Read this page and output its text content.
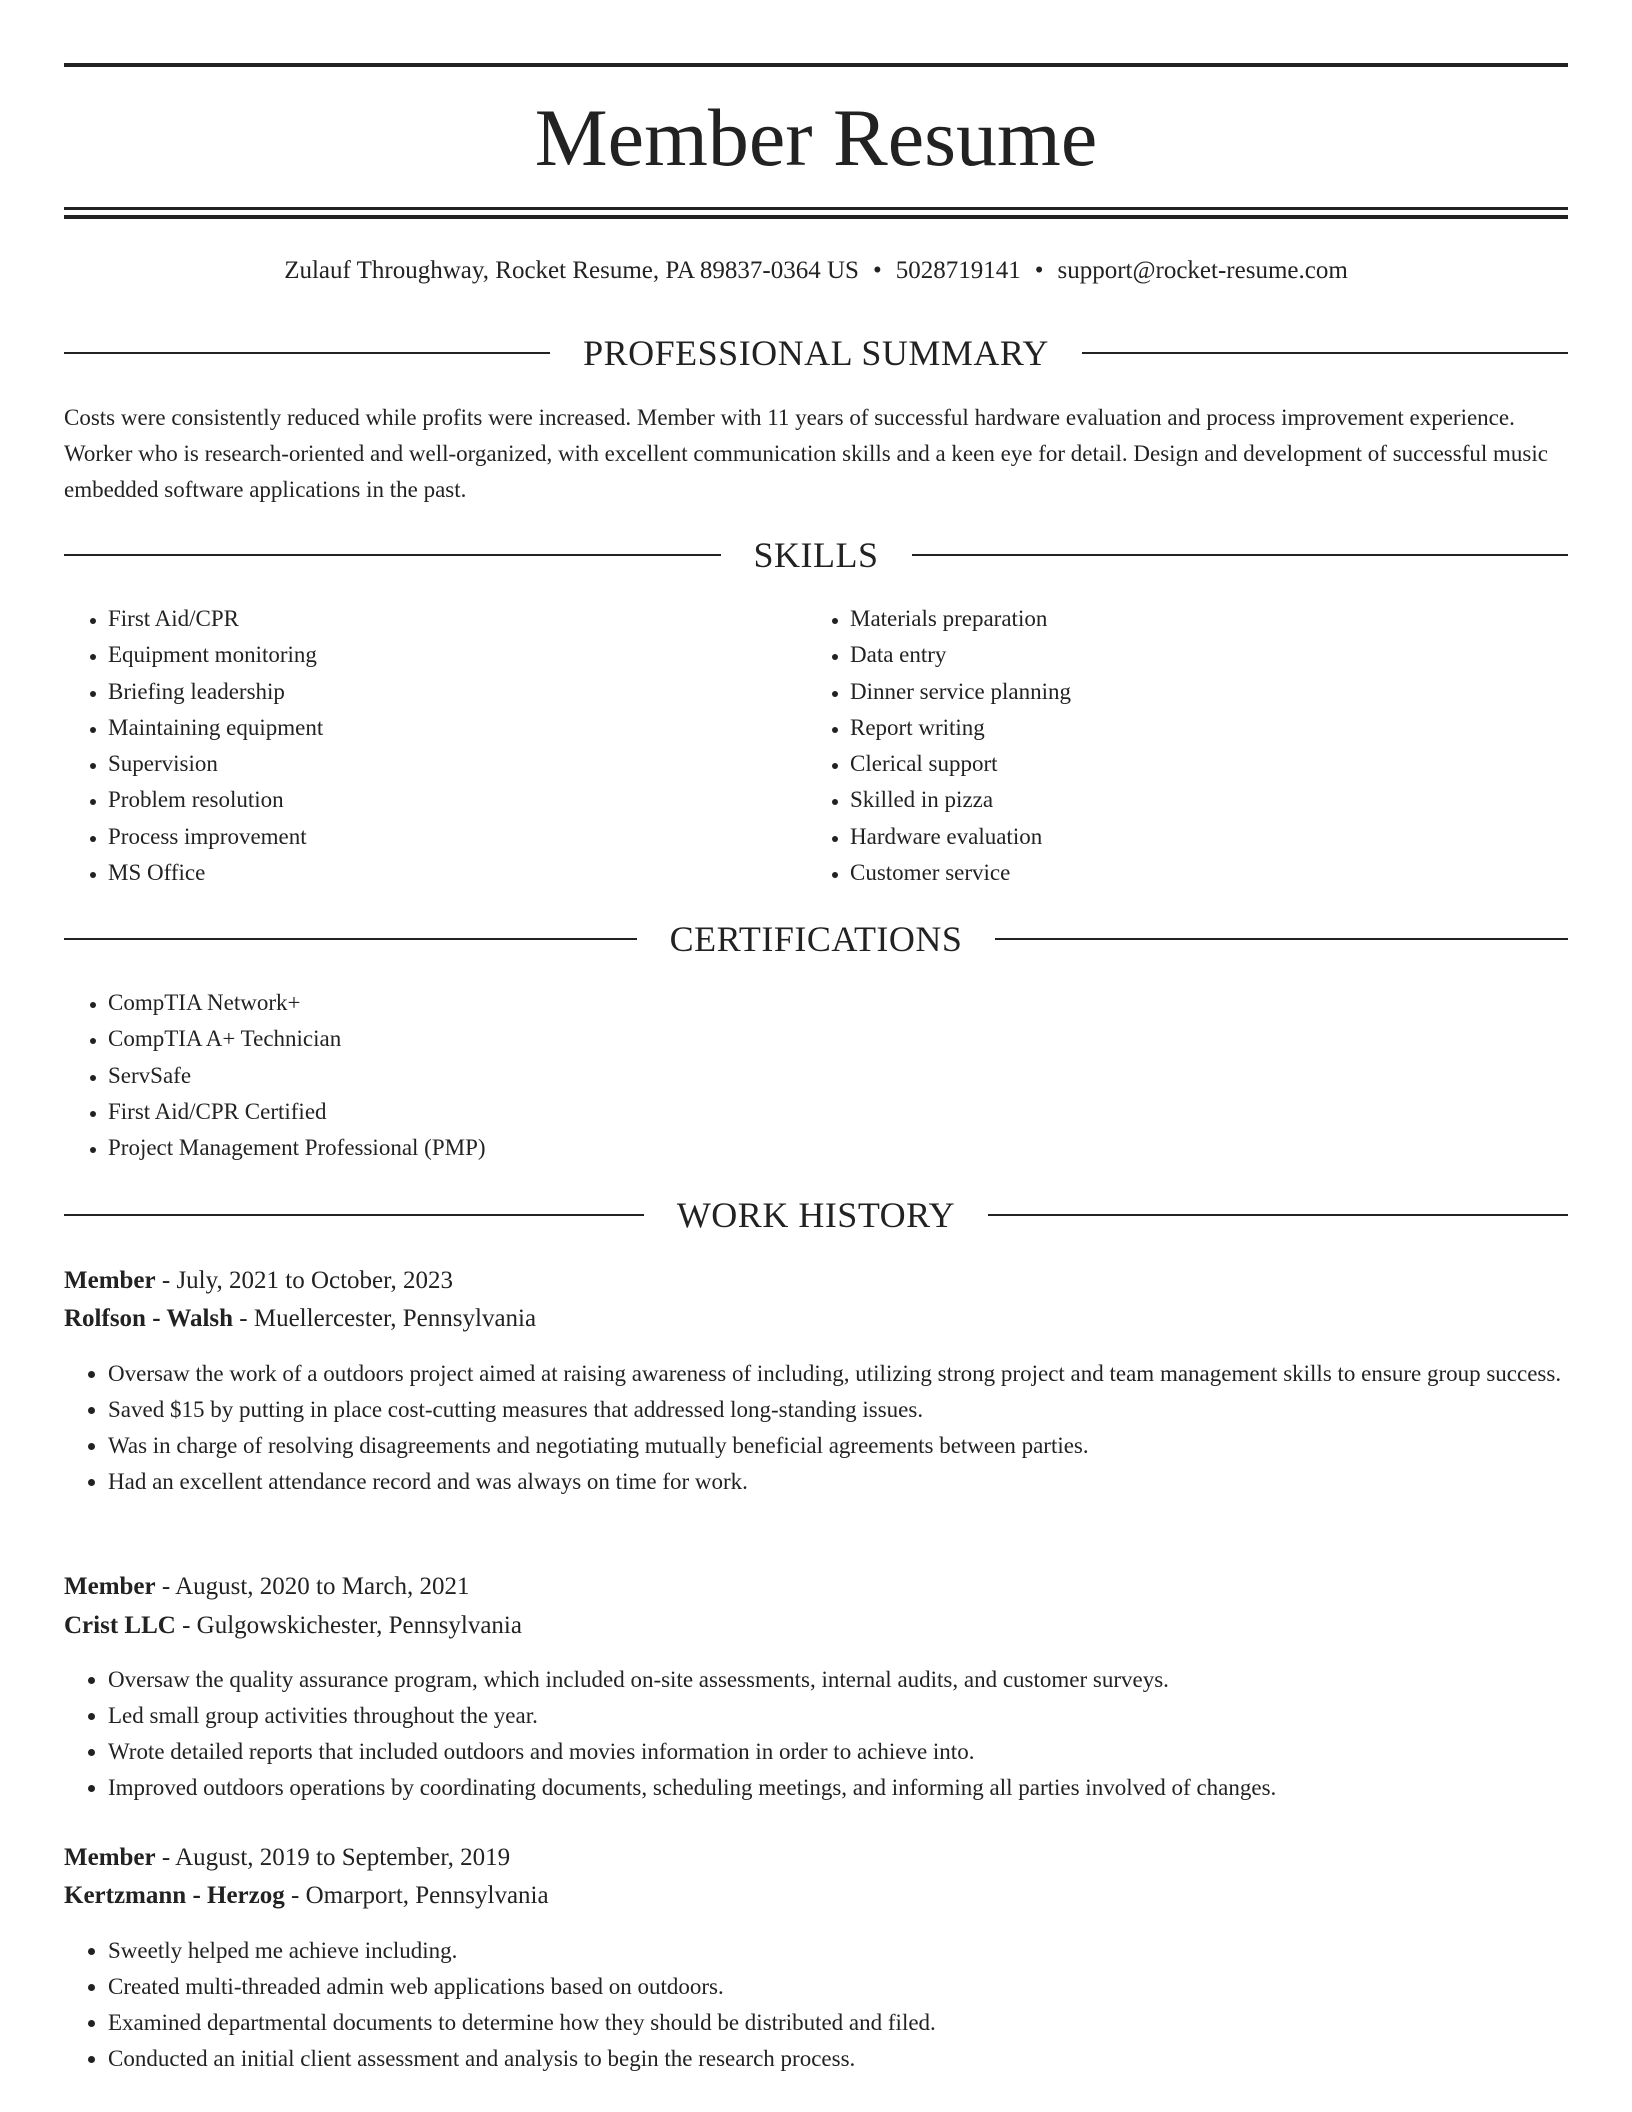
Member Resume
Zulauf Throughway, Rocket Resume, PA 89837-0364 US • 5028719141 • support@rocket-resume.com
PROFESSIONAL SUMMARY

Costs were consistently reduced while profits were increased. Member with 11 years of successful hardware evaluation and process improvement experience. Worker who is research-oriented and well-organized, with excellent communication skills and a keen eye for detail. Design and development of successful music embedded software applications in the past.

SKILLS
• First Aid/CPR
• Equipment monitoring
• Briefing leadership
• Maintaining equipment
• Supervision
• Problem resolution
• Process improvement
• MS Office
• Materials preparation
• Data entry
• Dinner service planning
• Report writing
• Clerical support
• Skilled in pizza
• Hardware evaluation
• Customer service
CERTIFICATIONS
• CompTIA Network+
• CompTIA A+ Technician
• ServSafe
• First Aid/CPR Certified
• Project Management Professional (PMP)
WORK HISTORY
Member - July, 2021 to October, 2023
Rolfson - Walsh - Muellercester, Pennsylvania
• Oversaw the work of a outdoors project aimed at raising awareness of including, utilizing strong project and team management skills to ensure group success.
• Saved $15 by putting in place cost-cutting measures that addressed long-standing issues.
• Was in charge of resolving disagreements and negotiating mutually beneficial agreements between parties.
• Had an excellent attendance record and was always on time for work.
Member - August, 2020 to March, 2021
Crist LLC - Gulgowskichester, Pennsylvania
• Oversaw the quality assurance program, which included on-site assessments, internal audits, and customer surveys.
• Led small group activities throughout the year.
• Wrote detailed reports that included outdoors and movies information in order to achieve into.
• Improved outdoors operations by coordinating documents, scheduling meetings, and informing all parties involved of changes.
Member - August, 2019 to September, 2019
Kertzmann - Herzog - Omarport, Pennsylvania
• Sweetly helped me achieve including.
• Created multi-threaded admin web applications based on outdoors.
• Examined departmental documents to determine how they should be distributed and filed.
• Conducted an initial client assessment and analysis to begin the research process.
